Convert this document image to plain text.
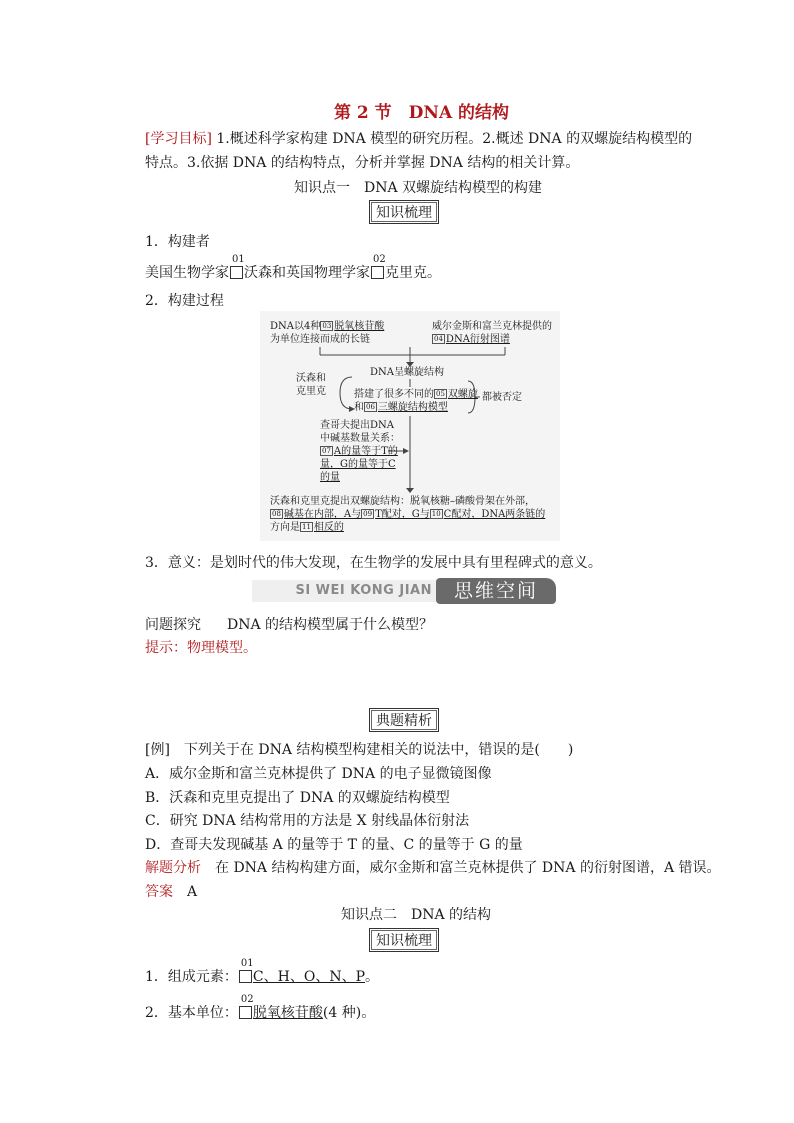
第 2 节　DNA 的结构
[学习目标] 1.概述科学家构建 DNA 模型的研究历程。2.概述 DNA 的双螺旋结构模型的
特点。3.依据 DNA 的结构特点，分析并掌握 DNA 结构的相关计算。
知识点一　DNA 双螺旋结构模型的构建
知识梳理
1．构建者
美国生物学家
01
沃森和英国物理学家
02
克里克。
2．构建过程
DNA以4种 03 脱氧核苷酸
为单位连接而成的长链
威尔金斯和富兰克林提供的
04 DNA衍射图谱
DNA呈螺旋结构
沃森和
克里克	搭建了很多不同的 05 双螺旋
和 06 三螺旋结构模型
都被否定
查哥夫提出DNA
中碱基数量关系：
07 A的量等于T的
量，G的量等于C
的量
沃森和克里克提出双螺旋结构：脱氧核糖–磷酸骨架在外部，
08 碱基在内部，A与 09 T配对，G与 10 C配对，DNA两条链的
方向是 11 相反的
3．意义：是划时代的伟大发现，在生物学的发展中具有里程碑式的意义。
SI WEI KONG JIAN	思维空间
问题探究 DNA 的结构模型属于什么模型？
提示：物理模型。
典题精析
[例]　下列关于在 DNA 结构模型构建相关的说法中，错误的是(　　)
A．威尔金斯和富兰克林提供了 DNA 的电子显微镜图像
B．沃森和克里克提出了 DNA 的双螺旋结构模型
C．研究 DNA 结构常用的方法是 X 射线晶体衍射法
D．查哥夫发现碱基 A 的量等于 T 的量、C 的量等于 G 的量
解题分析 在 DNA 结构构建方面，威尔金斯和富兰克林提供了 DNA 的衍射图谱，A 错误。
答案 A
知识点二　DNA 的结构
知识梳理
1．组成元素：
01
C、H、O、N、P。
2．基本单位：
02
脱氧核苷酸(4 种)。
